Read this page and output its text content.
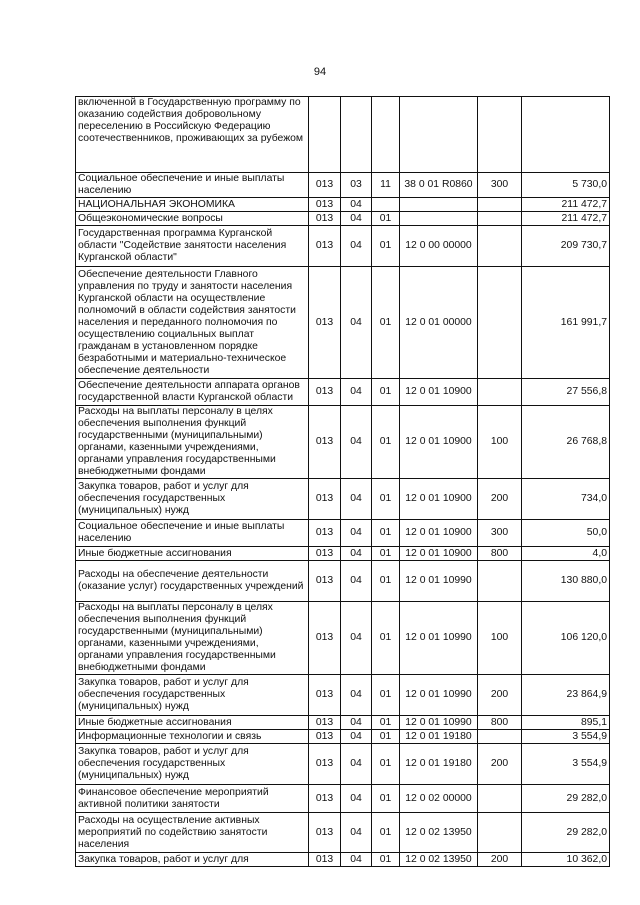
94
включенной в Государственную программу по оказанию содействия добровольному переселению в Российскую Федерацию соотечественников, проживающих за рубежом						
Социальное обеспечение и иные выплаты населению	013	03	11	38 0 01 R0860	300	5 730,0
НАЦИОНАЛЬНАЯ ЭКОНОМИКА	013	04				211 472,7
Общеэкономические вопросы	013	04	01			211 472,7
Государственная программа Курганской области "Содействие занятости населения Курганской области"	013	04	01	12 0 00 00000		209 730,7
Обеспечение деятельности Главного управления по труду и занятости населения Курганской области на осуществление полномочий в области содействия занятости населения и переданного полномочия по осуществлению социальных выплат гражданам в установленном порядке безработными и материально-техническое обеспечение деятельности	013	04	01	12 0 01 00000		161 991,7
Обеспечение деятельности аппарата органов государственной власти Курганской области	013	04	01	12 0 01 10900		27 556,8
Расходы на выплаты персоналу в целях обеспечения выполнения функций государственными (муниципальными) органами, казенными учреждениями, органами управления государственными внебюджетными фондами	013	04	01	12 0 01 10900	100	26 768,8
Закупка товаров, работ и услуг для обеспечения государственных (муниципальных) нужд	013	04	01	12 0 01 10900	200	734,0
Социальное обеспечение и иные выплаты населению	013	04	01	12 0 01 10900	300	50,0
Иные бюджетные ассигнования	013	04	01	12 0 01 10900	800	4,0
Расходы на обеспечение деятельности (оказание услуг) государственных учреждений	013	04	01	12 0 01 10990		130 880,0
Расходы на выплаты персоналу в целях обеспечения выполнения функций государственными (муниципальными) органами, казенными учреждениями, органами управления государственными внебюджетными фондами	013	04	01	12 0 01 10990	100	106 120,0
Закупка товаров, работ и услуг для обеспечения государственных (муниципальных) нужд	013	04	01	12 0 01 10990	200	23 864,9
Иные бюджетные ассигнования	013	04	01	12 0 01 10990	800	895,1
Информационные технологии и связь	013	04	01	12 0 01 19180		3 554,9
Закупка товаров, работ и услуг для обеспечения государственных (муниципальных) нужд	013	04	01	12 0 01 19180	200	3 554,9
Финансовое обеспечение мероприятий активной политики занятости	013	04	01	12 0 02 00000		29 282,0
Расходы на осуществление активных мероприятий по содействию занятости населения	013	04	01	12 0 02 13950		29 282,0
Закупка товаров, работ и услуг для	013	04	01	12 0 02 13950	200	10 362,0
